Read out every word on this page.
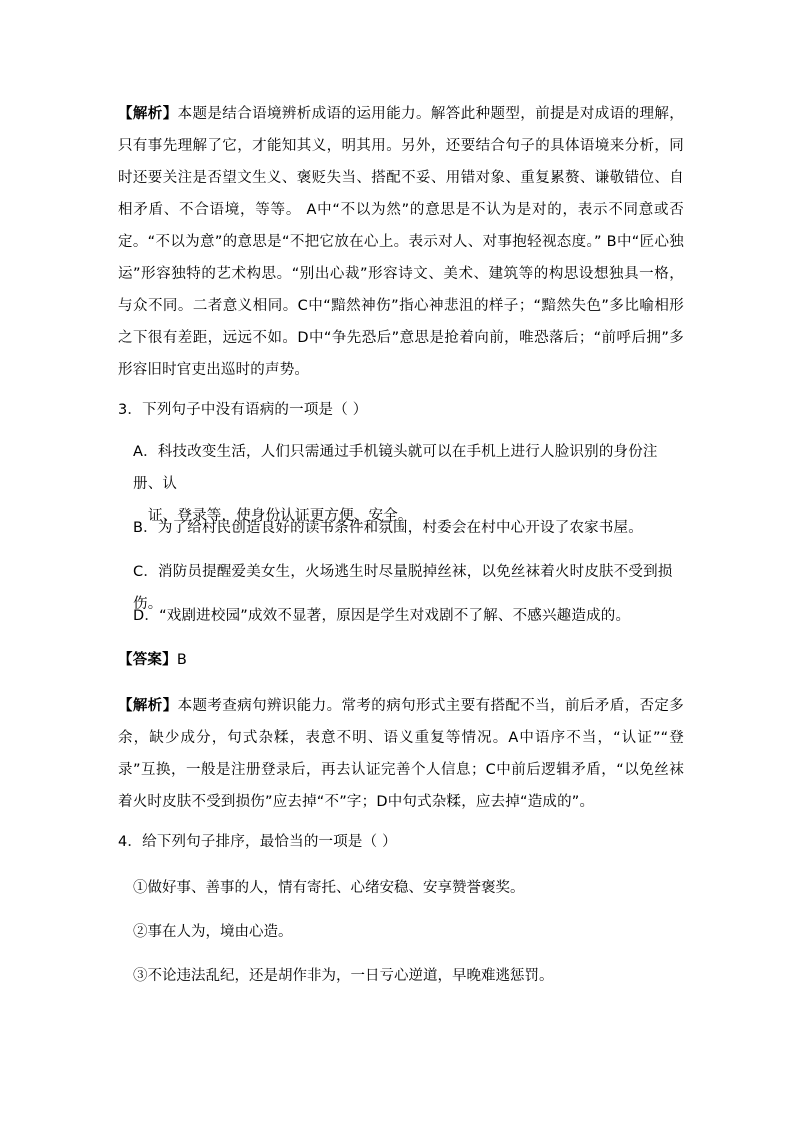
【解析】本题是结合语境辨析成语的运用能力。解答此种题型，前提是对成语的理解，只有事先理解了它，才能知其义，明其用。另外，还要结合句子的具体语境来分析，同时还要关注是否望文生义、褒贬失当、搭配不妥、用错对象、重复累赘、谦敬错位、自相矛盾、不合语境，等等。 A中“不以为然”的意思是不认为是对的，表示不同意或否定。“不以为意”的意思是“不把它放在心上。表示对人、对事抱轻视态度。” B中“匠心独运”形容独特的艺术构思。“别出心裁”形容诗文、美术、建筑等的构思设想独具一格，与众不同。二者意义相同。C中“黯然神伤”指心神悲沮的样子；“黯然失色”多比喻相形之下很有差距，远远不如。D中“争先恐后”意思是抢着向前，唯恐落后；“前呼后拥”多形容旧时官吏出巡时的声势。

3．下列句子中没有语病的一项是（ ）

A．科技改变生活，人们只需通过手机镜头就可以在手机上进行人脸识别的身份注册、认
证、登录等，使身份认证更方便、安全。

B．为了给村民创造良好的读书条件和氛围，村委会在村中心开设了农家书屋。

C．消防员提醒爱美女生，火场逃生时尽量脱掉丝袜，以免丝袜着火时皮肤不受到损伤。

D．“戏剧进校园”成效不显著，原因是学生对戏剧不了解、不感兴趣造成的。

【答案】B

【解析】本题考查病句辨识能力。常考的病句形式主要有搭配不当，前后矛盾，否定多余，缺少成分，句式杂糅，表意不明、语义重复等情况。A中语序不当，“认证”“登录”互换，一般是注册登录后，再去认证完善个人信息；C中前后逻辑矛盾，“以免丝袜着火时皮肤不受到损伤”应去掉“不”字；D中句式杂糅，应去掉“造成的”。

4．给下列句子排序，最恰当的一项是（ ）

①做好事、善事的人，情有寄托、心绪安稳、安享赞誉褒奖。

②事在人为，境由心造。

③不论违法乱纪，还是胡作非为，一日亏心逆道，早晚难逃惩罚。
